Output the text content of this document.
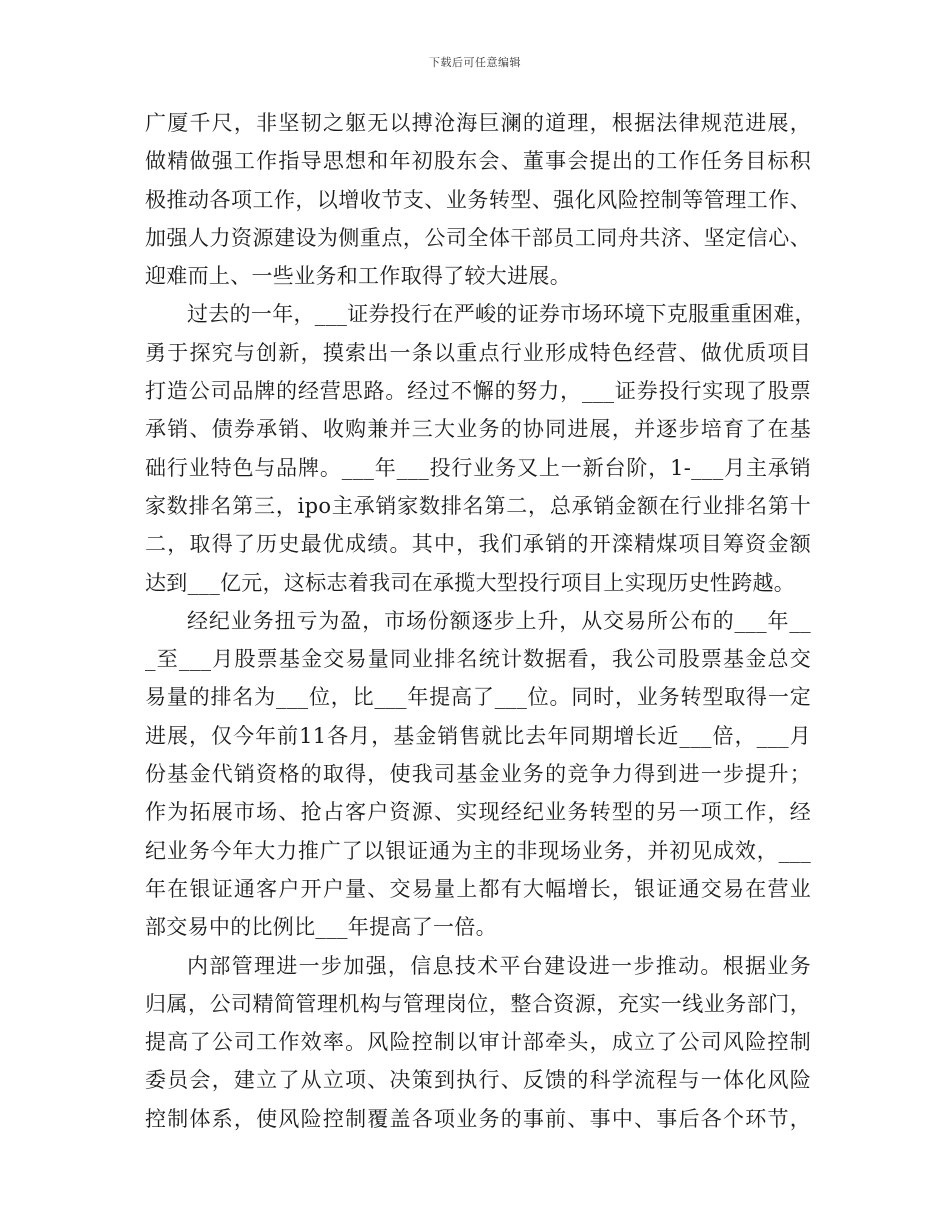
下载后可任意编辑
广厦千尺，非坚韧之躯无以搏沧海巨澜的道理，根据法律规范进展，
做精做强工作指导思想和年初股东会、董事会提出的工作任务目标积
极推动各项工作，以增收节支、业务转型、强化风险控制等管理工作、
加强人力资源建设为侧重点，公司全体干部员工同舟共济、坚定信心、
迎难而上、一些业务和工作取得了较大进展。
过去的一年，___证券投行在严峻的证券市场环境下克服重重困难，
勇于探究与创新，摸索出一条以重点行业形成特色经营、做优质项目
打造公司品牌的经营思路。经过不懈的努力，___证券投行实现了股票
承销、债券承销、收购兼并三大业务的协同进展，并逐步培育了在基
础行业特色与品牌。___年___投行业务又上一新台阶，1-___月主承销
家数排名第三，ipo主承销家数排名第二，总承销金额在行业排名第十
二，取得了历史最优成绩。其中，我们承销的开滦精煤项目筹资金额
达到___亿元，这标志着我司在承揽大型投行项目上实现历史性跨越。
经纪业务扭亏为盈，市场份额逐步上升，从交易所公布的___年__
_至___月股票基金交易量同业排名统计数据看，我公司股票基金总交
易量的排名为___位，比___年提高了___位。同时，业务转型取得一定
进展，仅今年前11各月，基金销售就比去年同期增长近___倍，___月
份基金代销资格的取得，使我司基金业务的竞争力得到进一步提升；
作为拓展市场、抢占客户资源、实现经纪业务转型的另一项工作，经
纪业务今年大力推广了以银证通为主的非现场业务，并初见成效，___
年在银证通客户开户量、交易量上都有大幅增长，银证通交易在营业
部交易中的比例比___年提高了一倍。
内部管理进一步加强，信息技术平台建设进一步推动。根据业务
归属，公司精简管理机构与管理岗位，整合资源，充实一线业务部门，
提高了公司工作效率。风险控制以审计部牵头，成立了公司风险控制
委员会，建立了从立项、决策到执行、反馈的科学流程与一体化风险
控制体系，使风险控制覆盖各项业务的事前、事中、事后各个环节，
